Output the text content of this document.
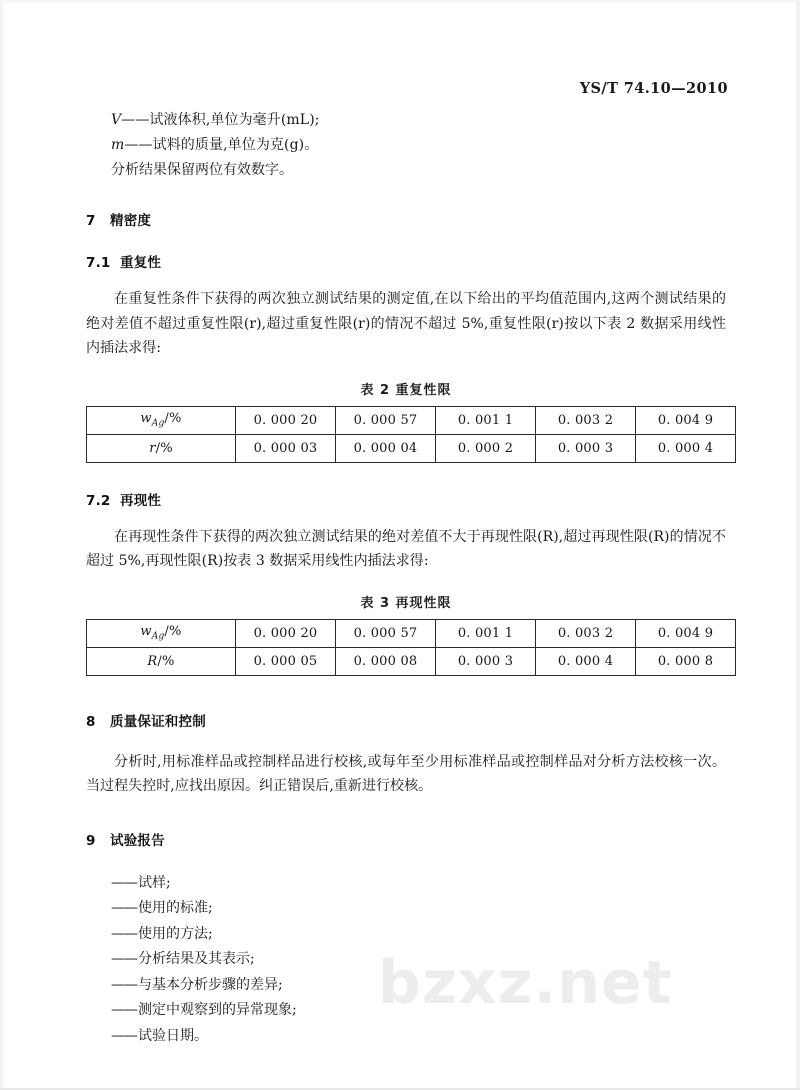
bzxz.net
YS/T 74.10—2010
V——试液体积,单位为毫升(mL);
m——试料的质量,单位为克(g)。
分析结果保留两位有效数字。
7 精密度
7.1 重复性

在重复性条件下获得的两次独立测试结果的测定值,在以下给出的平均值范围内,这两个测试结果的绝对差值不超过重复性限(r),超过重复性限(r)的情况不超过 5%,重复性限(r)按以下表 2 数据采用线性内插法求得:

表 2 重复性限
$w_{Ag}/\%$	0. 000 20	0. 000 57	0. 001 1	0. 003 2	0. 004 9
r/%	0. 000 03	0. 000 04	0. 000 2	0. 000 3	0. 000 4
7.2 再现性

在再现性条件下获得的两次独立测试结果的绝对差值不大于再现性限(R),超过再现性限(R)的情况不超过 5%,再现性限(R)按表 3 数据采用线性内插法求得:

表 3 再现性限
$w_{Ag}/\%$	0. 000 20	0. 000 57	0. 001 1	0. 003 2	0. 004 9
R/%	0. 000 05	0. 000 08	0. 000 3	0. 000 4	0. 000 8
8 质量保证和控制

分析时,用标准样品或控制样品进行校核,或每年至少用标准样品或控制样品对分析方法校核一次。当过程失控时,应找出原因。纠正错误后,重新进行校核。

9 试验报告
——试样;
——使用的标准;
——使用的方法;
——分析结果及其表示;
——与基本分析步骤的差异;
——测定中观察到的异常现象;
——试验日期。
